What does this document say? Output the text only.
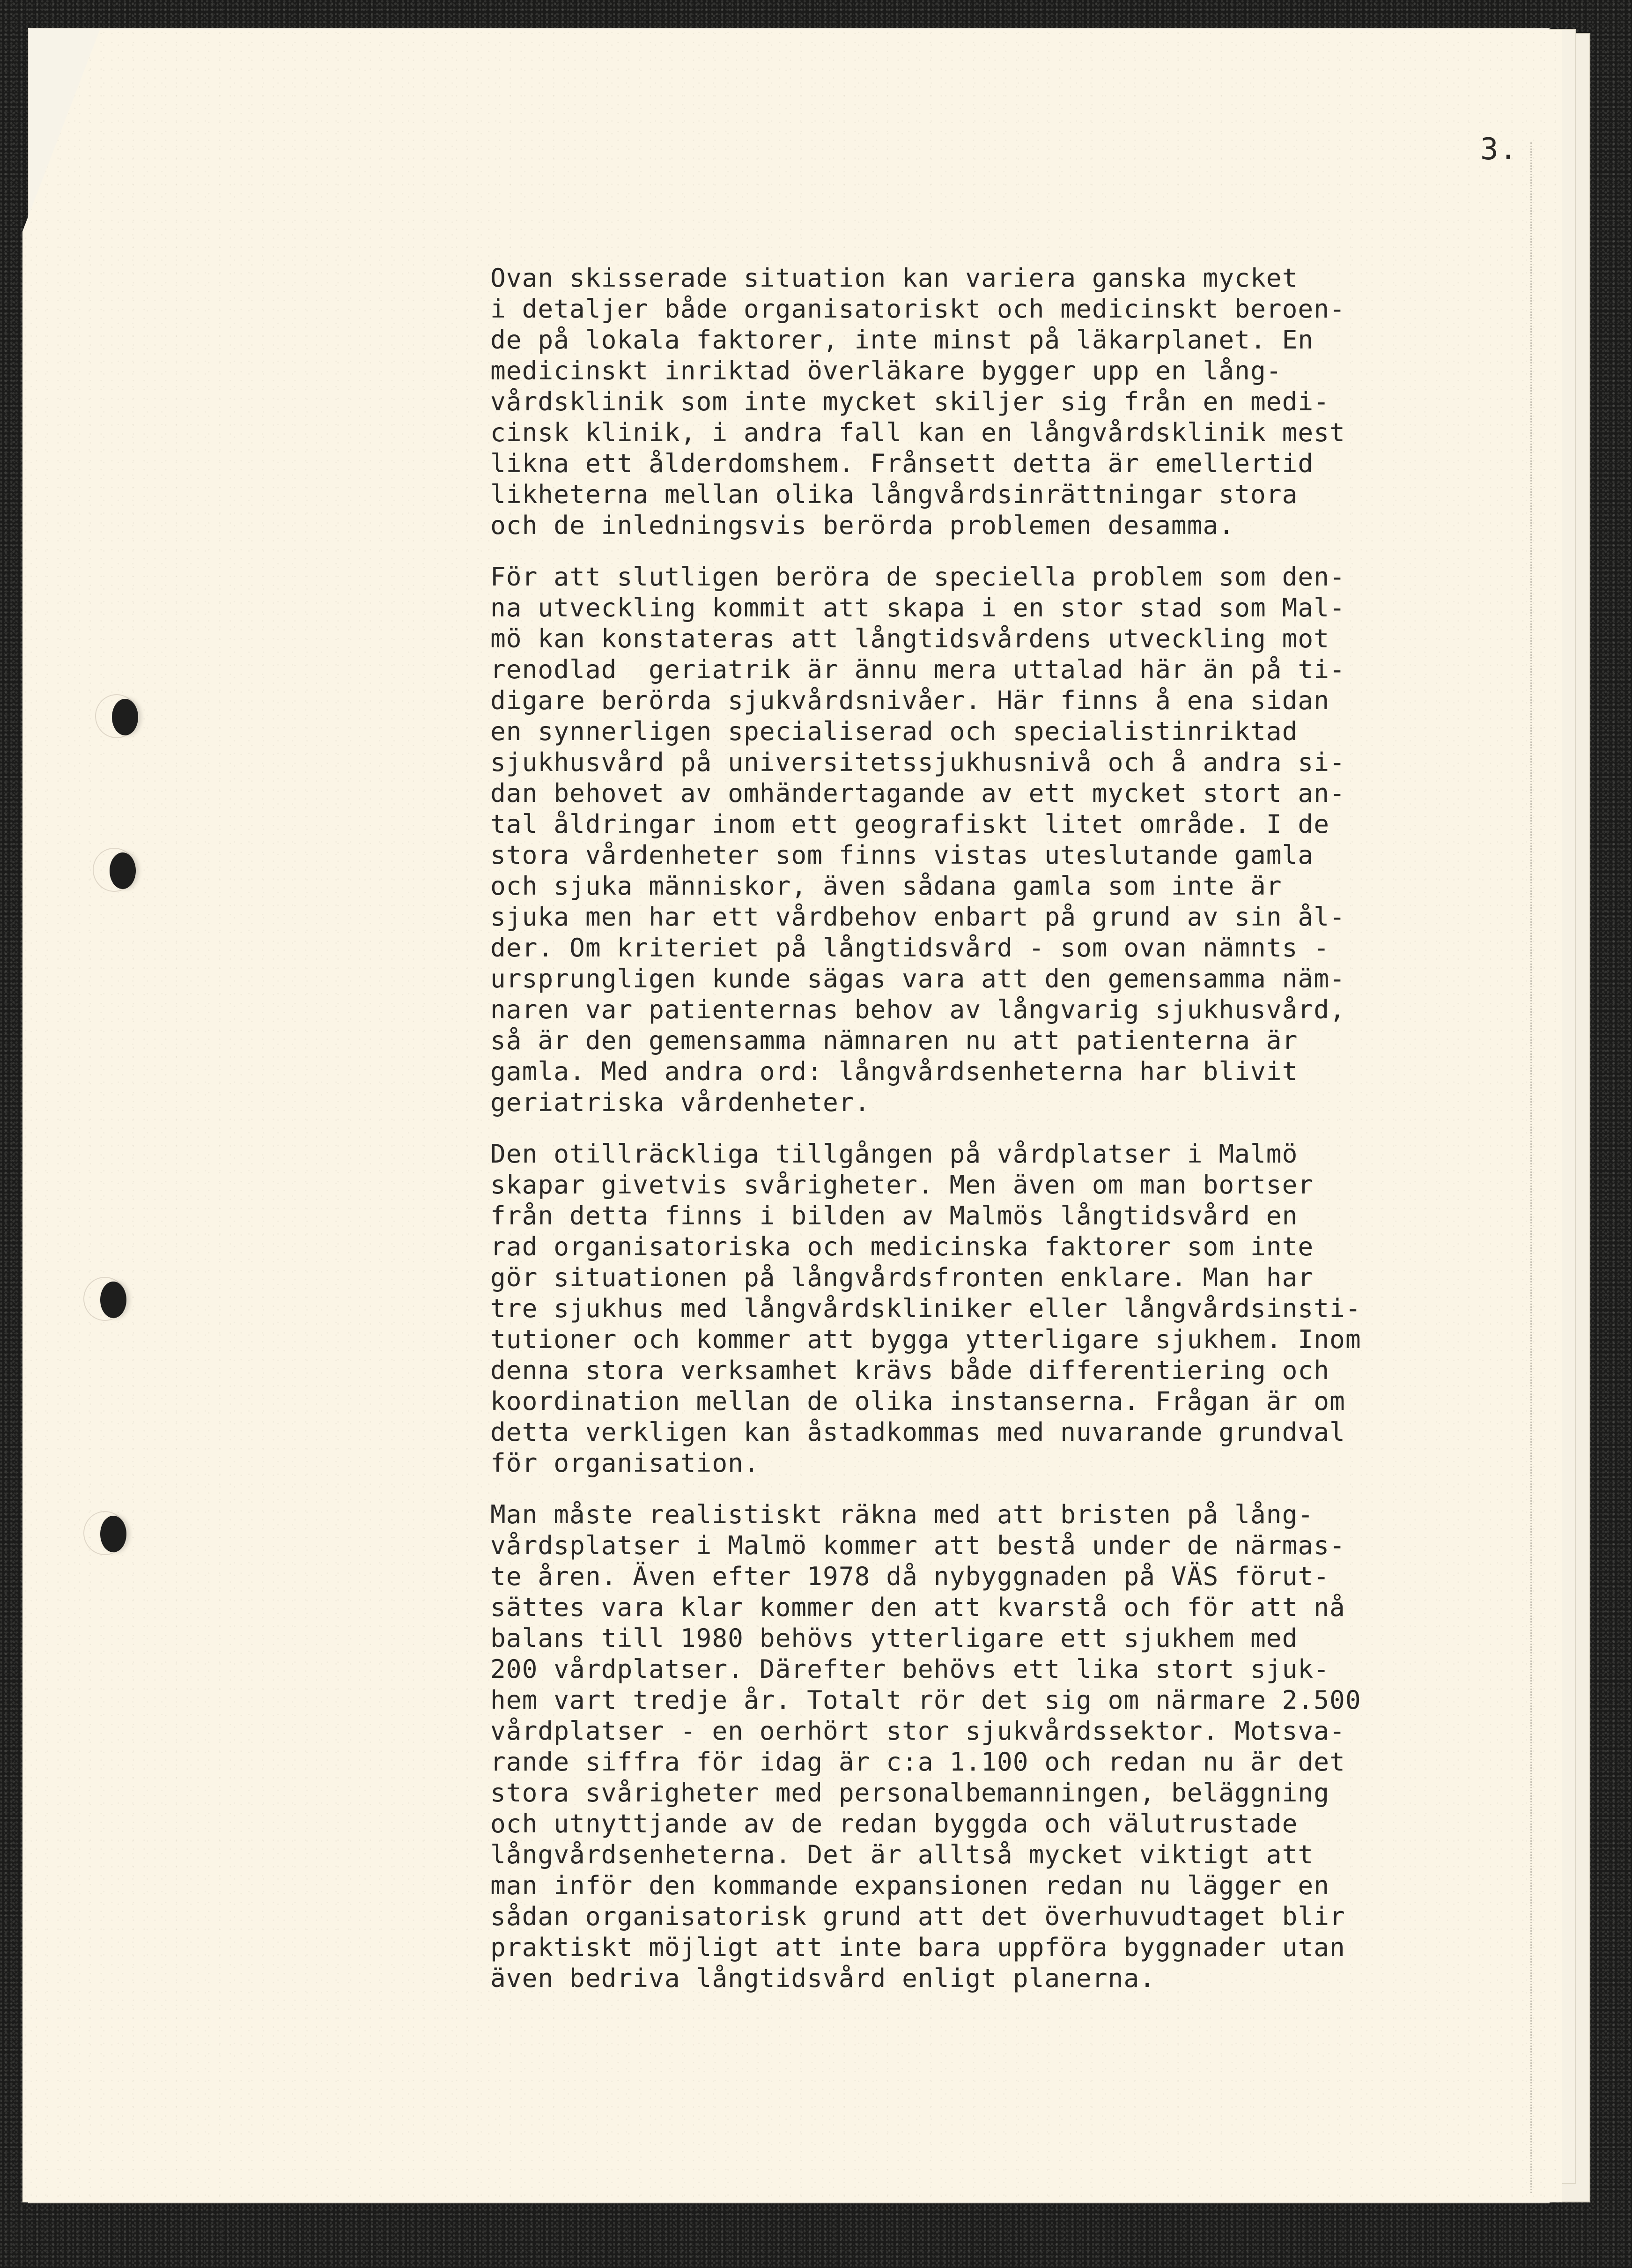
3.
Ovan skisserade situation kan variera ganska mycket
i detaljer både organisatoriskt och medicinskt beroen-
de på lokala faktorer, inte minst på läkarplanet. En
medicinskt inriktad överläkare bygger upp en lång-
vårdsklinik som inte mycket skiljer sig från en medi-
cinsk klinik, i andra fall kan en långvårdsklinik mest
likna ett ålderdomshem. Frånsett detta är emellertid
likheterna mellan olika långvårdsinrättningar stora
och de inledningsvis berörda problemen desamma.
För att slutligen beröra de speciella problem som den-
na utveckling kommit att skapa i en stor stad som Mal-
mö kan konstateras att långtidsvårdens utveckling mot
renodlad  geriatrik är ännu mera uttalad här än på ti-
digare berörda sjukvårdsnivåer. Här finns å ena sidan
en synnerligen specialiserad och specialistinriktad
sjukhusvård på universitetssjukhusnivå och å andra si-
dan behovet av omhändertagande av ett mycket stort an-
tal åldringar inom ett geografiskt litet område. I de
stora vårdenheter som finns vistas uteslutande gamla
och sjuka människor, även sådana gamla som inte är
sjuka men har ett vårdbehov enbart på grund av sin ål-
der. Om kriteriet på långtidsvård - som ovan nämnts -
ursprungligen kunde sägas vara att den gemensamma näm-
naren var patienternas behov av långvarig sjukhusvård,
så är den gemensamma nämnaren nu att patienterna är
gamla. Med andra ord: långvårdsenheterna har blivit
geriatriska vårdenheter.
Den otillräckliga tillgången på vårdplatser i Malmö
skapar givetvis svårigheter. Men även om man bortser
från detta finns i bilden av Malmös långtidsvård en
rad organisatoriska och medicinska faktorer som inte
gör situationen på långvårdsfronten enklare. Man har
tre sjukhus med långvårdskliniker eller långvårdsinsti-
tutioner och kommer att bygga ytterligare sjukhem. Inom
denna stora verksamhet krävs både differentiering och
koordination mellan de olika instanserna. Frågan är om
detta verkligen kan åstadkommas med nuvarande grundval
för organisation.
Man måste realistiskt räkna med att bristen på lång-
vårdsplatser i Malmö kommer att bestå under de närmas-
te åren. Även efter 1978 då nybyggnaden på VÄS förut-
sättes vara klar kommer den att kvarstå och för att nå
balans till 1980 behövs ytterligare ett sjukhem med
200 vårdplatser. Därefter behövs ett lika stort sjuk-
hem vart tredje år. Totalt rör det sig om närmare 2.500
vårdplatser - en oerhört stor sjukvårdssektor. Motsva-
rande siffra för idag är c:a 1.100 och redan nu är det
stora svårigheter med personalbemanningen, beläggning
och utnyttjande av de redan byggda och välutrustade
långvårdsenheterna. Det är alltså mycket viktigt att
man inför den kommande expansionen redan nu lägger en
sådan organisatorisk grund att det överhuvudtaget blir
praktiskt möjligt att inte bara uppföra byggnader utan
även bedriva långtidsvård enligt planerna.
